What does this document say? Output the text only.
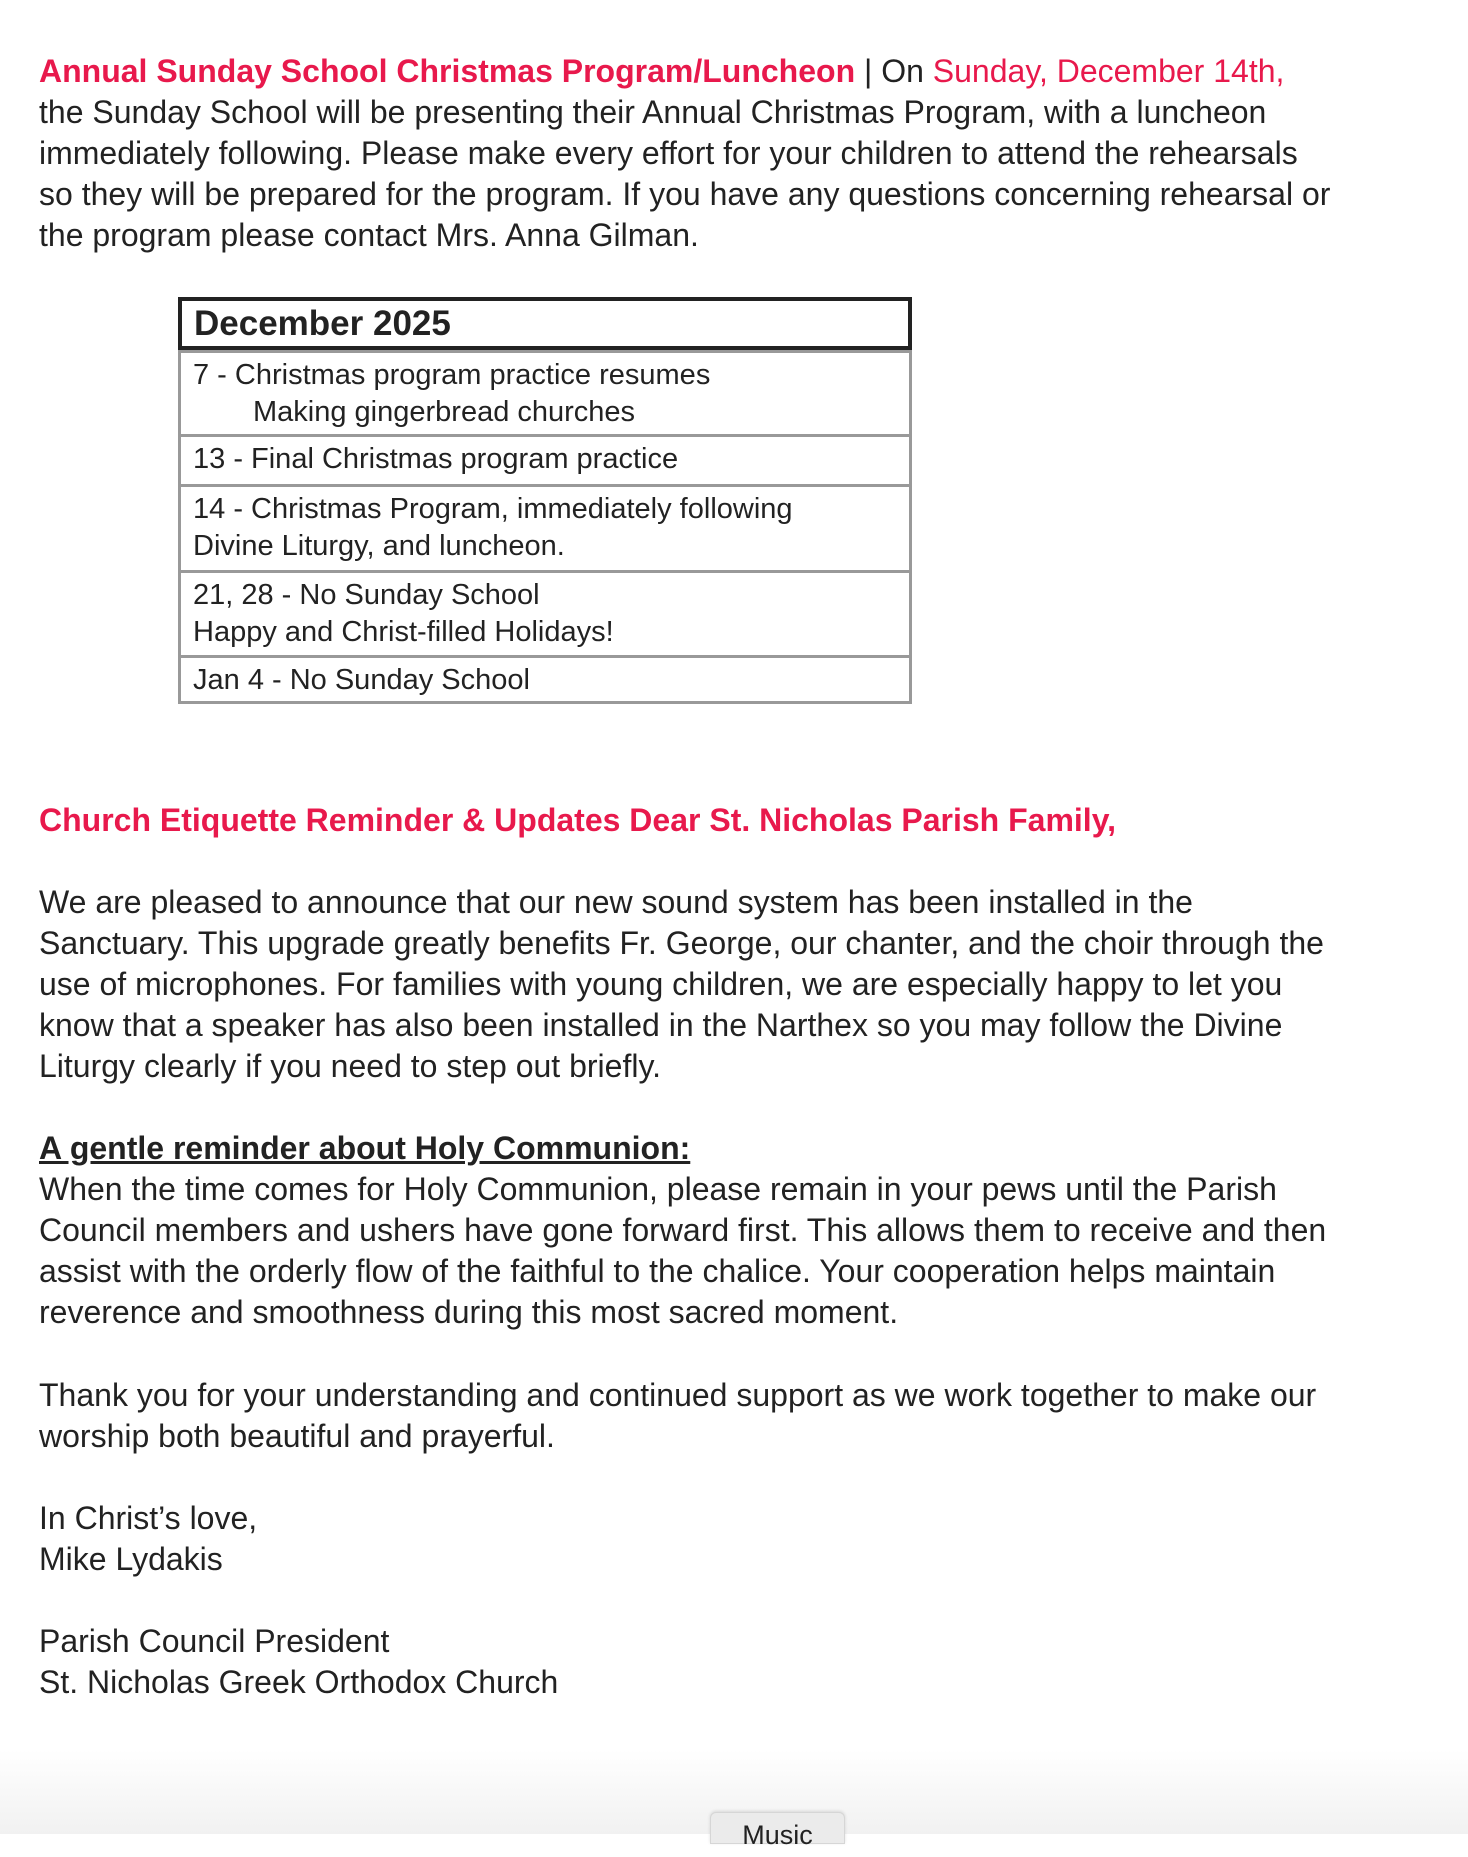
Annual Sunday School Christmas Program/Luncheon | On Sunday, December 14th,
the Sunday School will be presenting their Annual Christmas Program, with a luncheon
immediately following. Please make every effort for your children to attend the rehearsals
so they will be prepared for the program. If you have any questions concerning rehearsal or
the program please contact Mrs. Anna Gilman.
December 2025
7 - Christmas program practice resumes
Making gingerbread churches
13 - Final Christmas program practice
14 - Christmas Program, immediately following
Divine Liturgy, and luncheon.
21, 28 - No Sunday School
Happy and Christ-filled Holidays!
Jan 4 - No Sunday School
Church Etiquette Reminder & Updates Dear St. Nicholas Parish Family,
We are pleased to announce that our new sound system has been installed in the
Sanctuary. This upgrade greatly benefits Fr. George, our chanter, and the choir through the
use of microphones. For families with young children, we are especially happy to let you
know that a speaker has also been installed in the Narthex so you may follow the Divine
Liturgy clearly if you need to step out briefly.
A gentle reminder about Holy Communion:
When the time comes for Holy Communion, please remain in your pews until the Parish
Council members and ushers have gone forward first. This allows them to receive and then
assist with the orderly flow of the faithful to the chalice. Your cooperation helps maintain
reverence and smoothness during this most sacred moment.
Thank you for your understanding and continued support as we work together to make our
worship both beautiful and prayerful.
In Christ’s love,
Mike Lydakis
Parish Council President
St. Nicholas Greek Orthodox Church
Music
